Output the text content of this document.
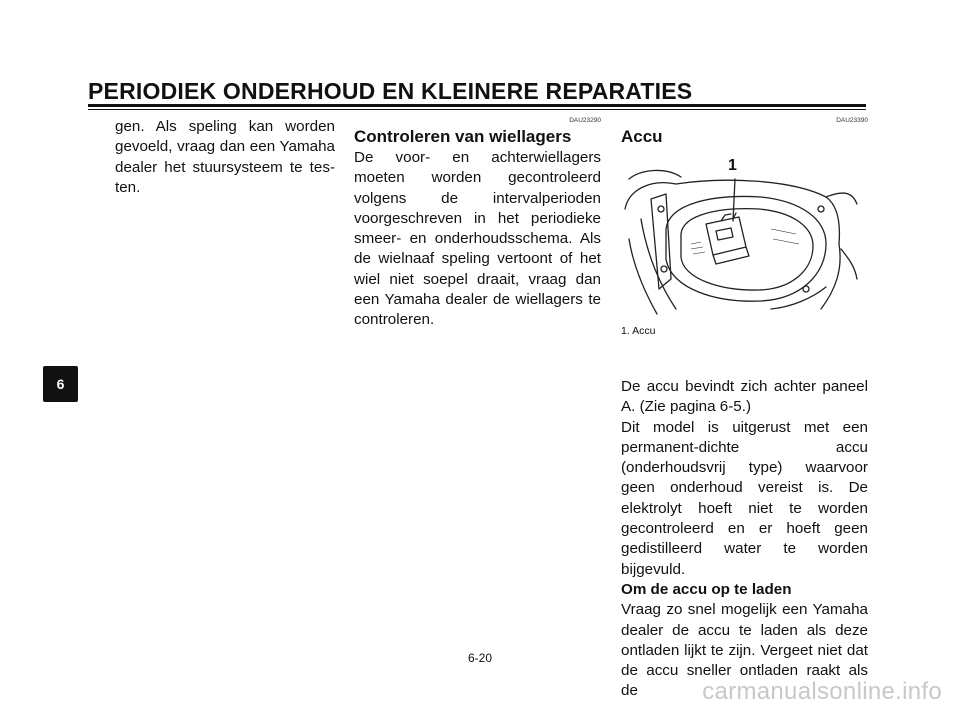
PERIODIEK ONDERHOUD EN KLEINERE REPARATIES
6

gen. Als speling kan worden gevoeld, vraag dan een Yamaha dealer het stuursysteem te testen.

DAU23290
Controleren van wiellagers

De voor- en achterwiellagers moeten worden gecontroleerd volgens de intervalperioden voorgeschreven in het periodieke smeer- en onderhoudsschema. Als de wielnaaf speling vertoont of het wiel niet soepel draait, vraag dan een Yamaha dealer de wiellagers te controleren.

DAU23390
Accu
1
1. Accu

De accu bevindt zich achter paneel A. (Zie pagina 6-5.)

Dit model is uitgerust met een permanent-dichte accu (onderhoudsvrij type) waarvoor geen onderhoud vereist is. De elektrolyt hoeft niet te worden gecontroleerd en er hoeft geen gedistilleerd water te worden bijgevuld.

Om de accu op te laden

Vraag zo snel mogelijk een Yamaha dealer de accu te laden als deze ontladen lijkt te zijn. Vergeet niet dat de accu sneller ontladen raakt als de

6-20
carmanualsonline.info
